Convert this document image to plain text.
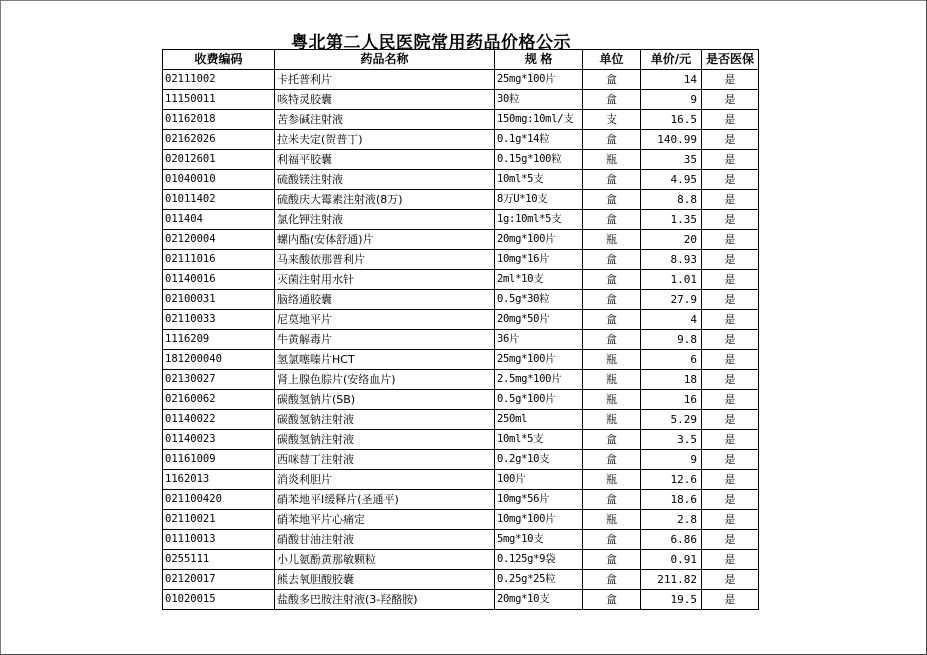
粤北第二人民医院常用药品价格公示
收费编码	药品名称	规 格	单位	单价/元	是否医保
02111002	卡托普利片	25mg*100片	盒	14	是
11150011	咳特灵胶囊	30粒	盒	9	是
01162018	苦参碱注射液	150mg:10ml/支	支	16.5	是
02162026	拉米夫定(贺普丁)	0.1g*14粒	盒	140.99	是
02012601	利福平胶囊	0.15g*100粒	瓶	35	是
01040010	硫酸镁注射液	10ml*5支	盒	4.95	是
01011402	硫酸庆大霉素注射液(8万)	8万U*10支	盒	8.8	是
011404	氯化钾注射液	1g:10ml*5支	盒	1.35	是
02120004	螺内酯(安体舒通)片	20mg*100片	瓶	20	是
02111016	马来酸依那普利片	10mg*16片	盒	8.93	是
01140016	灭菌注射用水针	2ml*10支	盒	1.01	是
02100031	脑络通胶囊	0.5g*30粒	盒	27.9	是
02110033	尼莫地平片	20mg*50片	盒	4	是
1116209	牛黄解毒片	36片	盒	9.8	是
181200040	氢氯噻嗪片HCT	25mg*100片	瓶	6	是
02130027	肾上腺色腙片(安络血片)	2.5mg*100片	瓶	18	是
02160062	碳酸氢钠片(SB)	0.5g*100片	瓶	16	是
01140022	碳酸氢钠注射液	250ml	瓶	5.29	是
01140023	碳酸氢钠注射液	10ml*5支	盒	3.5	是
01161009	西咪替丁注射液	0.2g*10支	盒	9	是
1162013	消炎利胆片	100片	瓶	12.6	是
021100420	硝苯地平I缓释片(圣通平)	10mg*56片	盒	18.6	是
02110021	硝苯地平片心痛定	10mg*100片	瓶	2.8	是
01110013	硝酸甘油注射液	5mg*10支	盒	6.86	是
0255111	小儿氨酚黄那敏颗粒	0.125g*9袋	盒	0.91	是
02120017	熊去氧胆酸胶囊	0.25g*25粒	盒	211.82	是
01020015	盐酸多巴胺注射液(3-羟酪胺)	20mg*10支	盒	19.5	是
